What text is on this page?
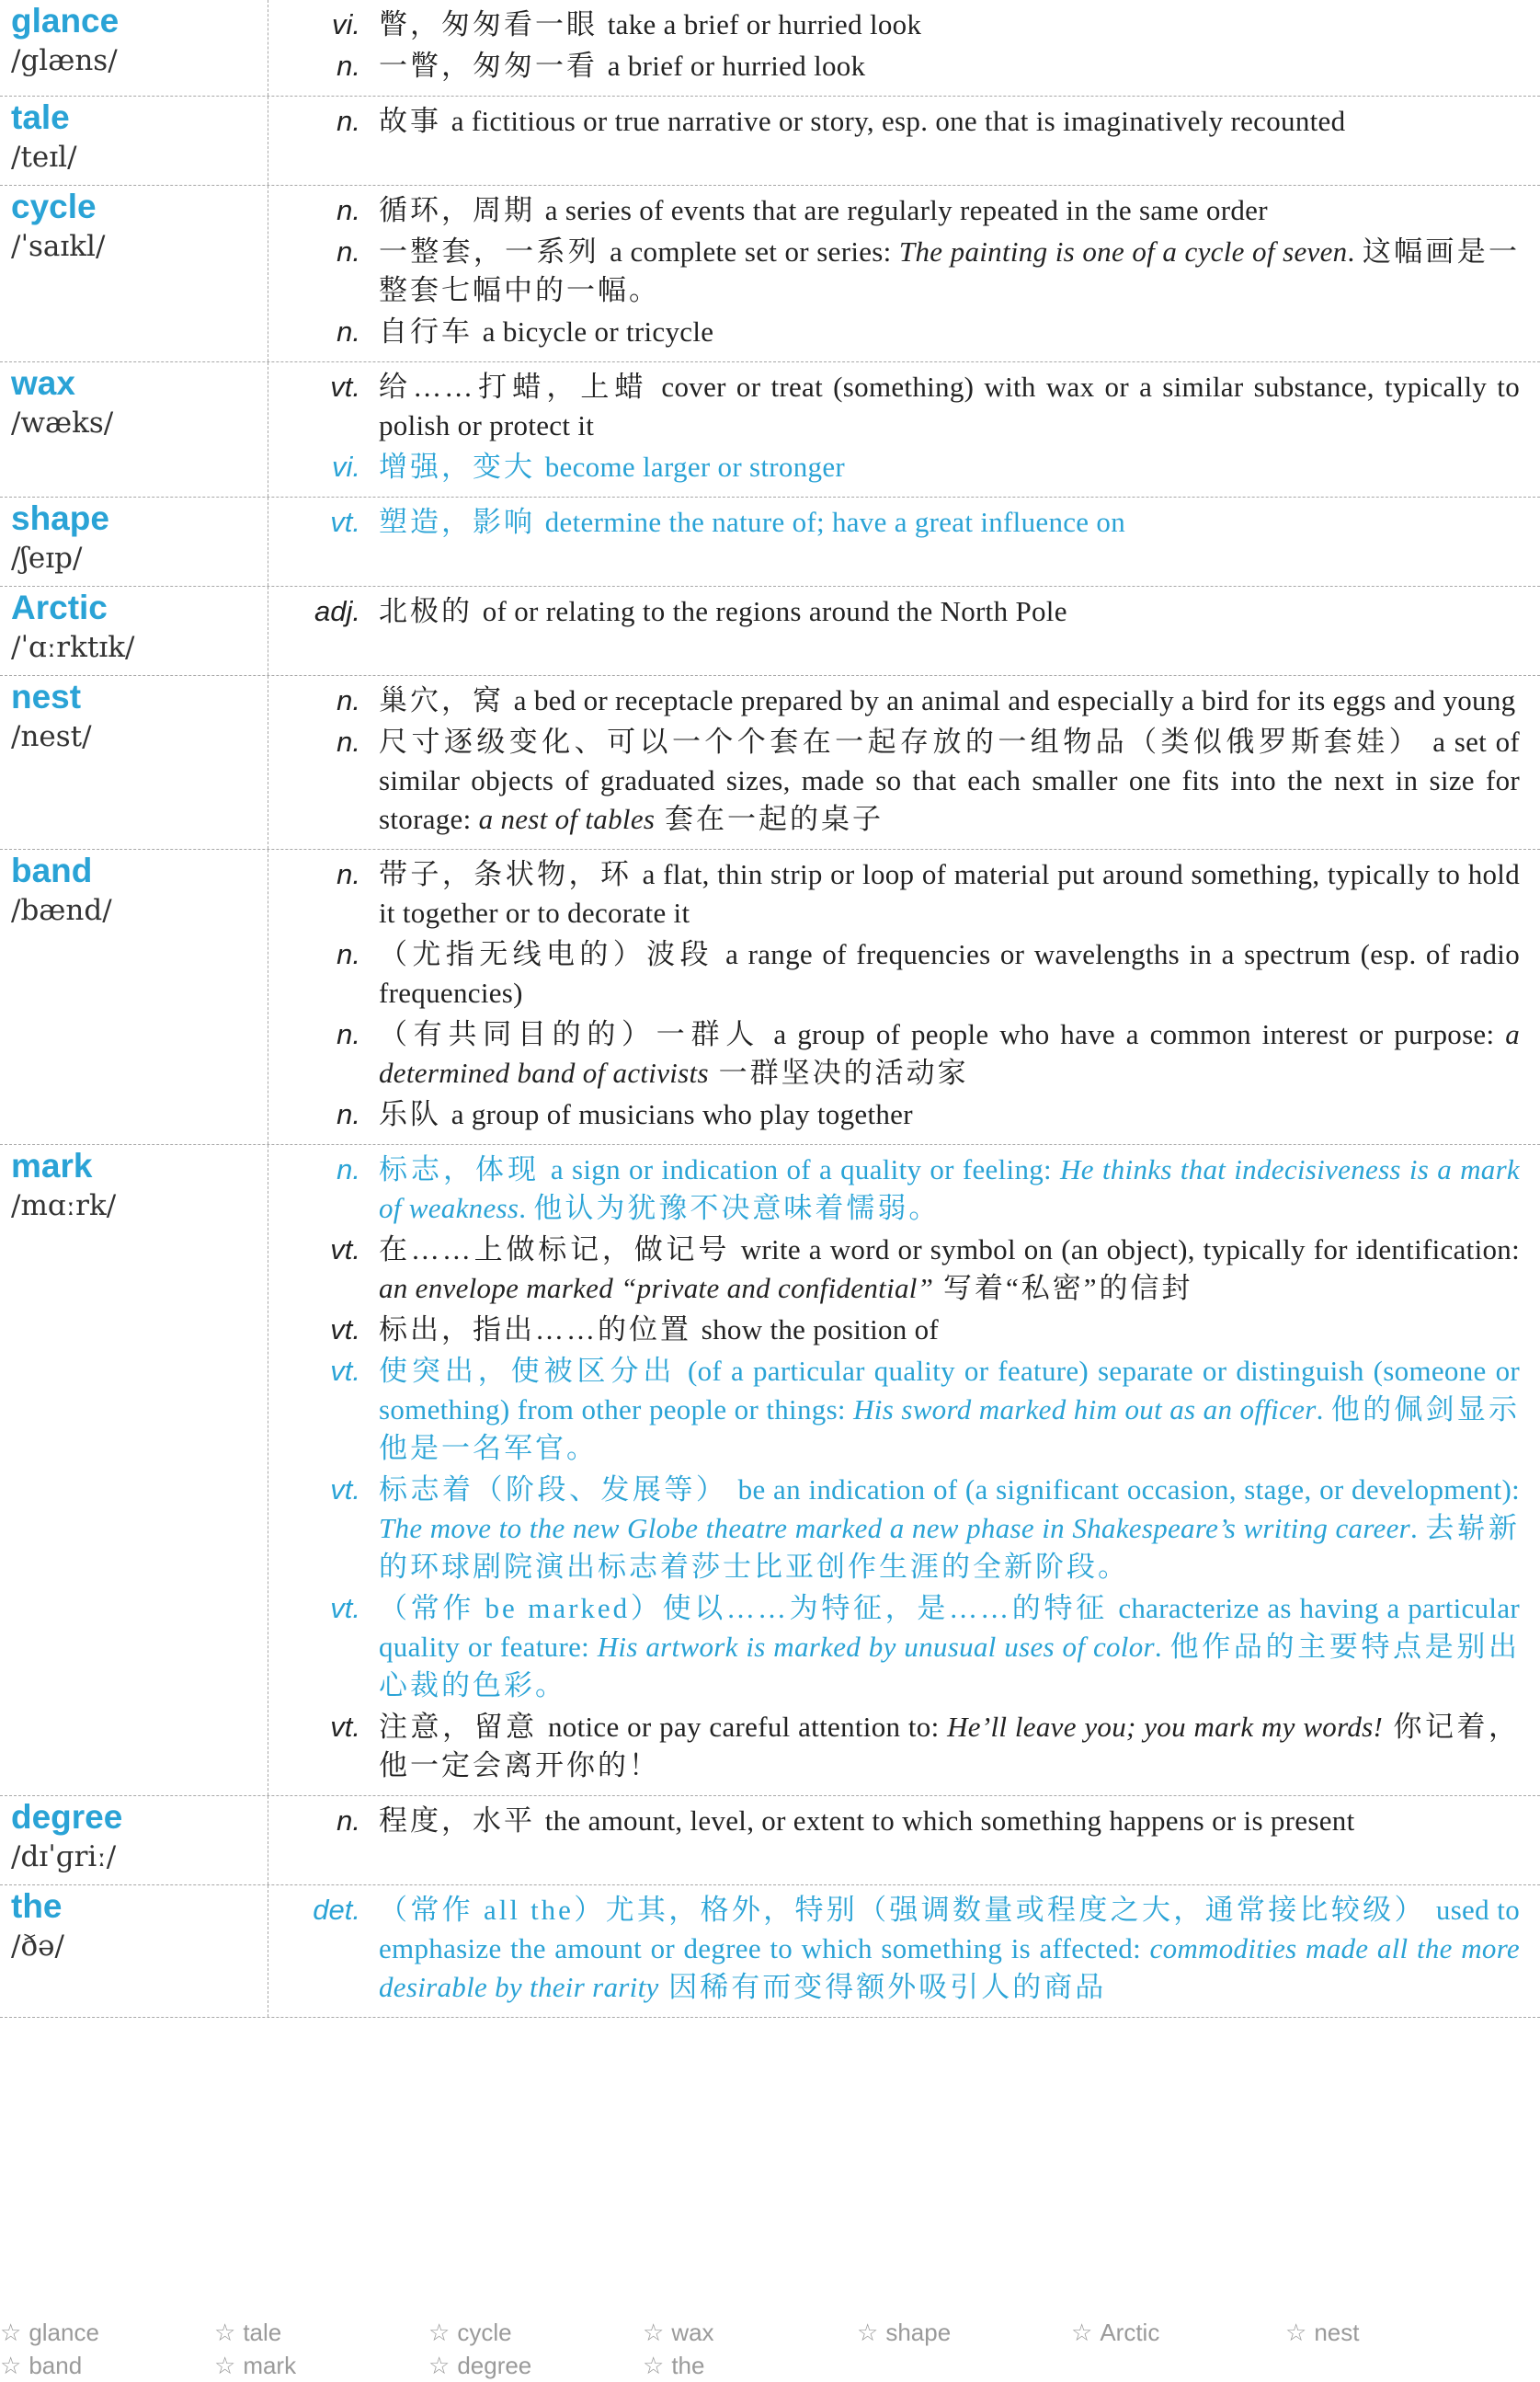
glance
/glæns/
vi. 瞥，匆匆看一眼 take a brief or hurried look
n. 一瞥，匆匆一看 a brief or hurried look
tale
/teɪl/
n. 故事 a fictitious or true narrative or story, esp. one that is imaginatively recounted
cycle
/ˈsaɪkl/
n. 循环，周期 a series of events that are regularly repeated in the same order
n. 一整套，一系列 a complete set or series: The painting is one of a cycle of seven. 这幅画是一整套七幅中的一幅。
n. 自行车 a bicycle or tricycle
wax
/wæks/
vt. 给……打蜡，上蜡 cover or treat (something) with wax or a similar substance, typically to polish or protect it
vi. 增强，变大 become larger or stronger
shape
/ʃeɪp/
vt. 塑造，影响 determine the nature of; have a great influence on
Arctic
/ˈɑːrktɪk/
adj. 北极的 of or relating to the regions around the North Pole
nest
/nest/
n. 巢穴，窝 a bed or receptacle prepared by an animal and especially a bird for its eggs and young
n. 尺寸逐级变化、可以一个个套在一起存放的一组物品（类似俄罗斯套娃） a set of similar objects of graduated sizes, made so that each smaller one fits into the next in size for storage: a nest of tables 套在一起的桌子
band
/bænd/
n. 带子，条状物，环 a flat, thin strip or loop of material put around something, typically to hold it together or to decorate it
n. （尤指无线电的）波段 a range of frequencies or wavelengths in a spectrum (esp. of radio frequencies)
n. （有共同目的的）一群人 a group of people who have a common interest or purpose: a determined band of activists 一群坚决的活动家
n. 乐队 a group of musicians who play together
mark
/mɑːrk/
n. 标志，体现 a sign or indication of a quality or feeling: He thinks that indecisiveness is a mark of weakness. 他认为犹豫不决意味着懦弱。
vt. 在……上做标记，做记号 write a word or symbol on (an object), typically for identification: an envelope marked “private and confidential” 写着“私密”的信封
vt. 标出，指出……的位置 show the position of
vt. 使突出，使被区分出 (of a particular quality or feature) separate or distinguish (someone or something) from other people or things: His sword marked him out as an officer. 他的佩剑显示他是一名军官。
vt. 标志着（阶段、发展等） be an indication of (a significant occasion, stage, or development): The move to the new Globe theatre marked a new phase in Shakespeare’s writing career. 去崭新的环球剧院演出标志着莎士比亚创作生涯的全新阶段。
vt. （常作 be marked）使以……为特征，是……的特征 characterize as having a particular quality or feature: His artwork is marked by unusual uses of color. 他作品的主要特点是别出心裁的色彩。
vt. 注意，留意 notice or pay careful attention to: He’ll leave you; you mark my words! 你记着，他一定会离开你的！
degree
/dɪˈɡriː/
n. 程度，水平 the amount, level, or extent to which something happens or is present
the
/ðə/
det. （常作 all the）尤其，格外，特别（强调数量或程度之大，通常接比较级） used to emphasize the amount or degree to which something is affected: commodities made all the more desirable by their rarity 因稀有而变得额外吸引人的商品
☆ glance	☆ tale	☆ cycle	☆ wax	☆ shape	☆ Arctic	☆ nest
☆ band	☆ mark	☆ degree	☆ the
